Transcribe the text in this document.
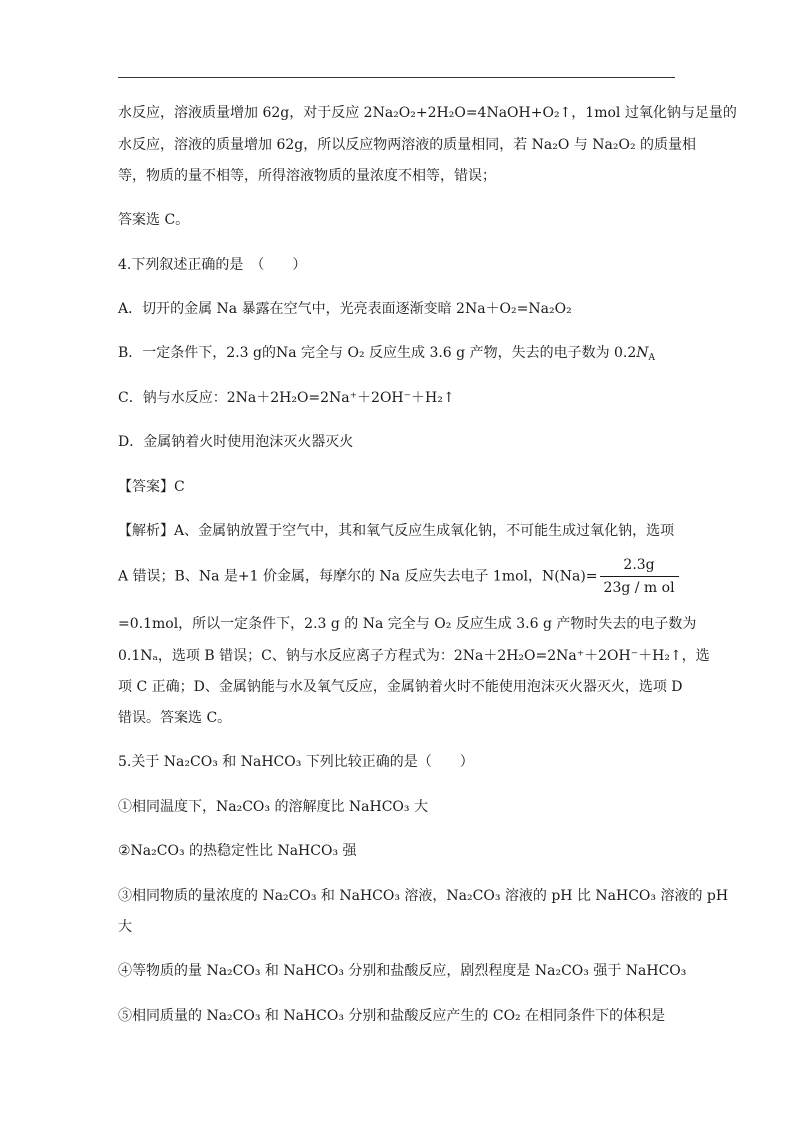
水反应，溶液质量增加 62g，对于反应 2Na₂O₂+2H₂O=4NaOH+O₂↑，1mol 过氧化钠与足量的
水反应，溶液的质量增加 62g，所以反应物两溶液的质量相同，若 Na₂O 与 Na₂O₂ 的质量相
等，物质的量不相等，所得溶液物质的量浓度不相等，错误；
答案选 C。
4.下列叙述正确的是　（　　）
A．切开的金属 Na 暴露在空气中，光亮表面逐渐变暗 2Na＋O₂=Na₂O₂
B．一定条件下，2.3 g的Na 完全与 O₂ 反应生成 3.6 g 产物，失去的电子数为 $0.2N_A$
C．钠与水反应：2Na＋2H₂O=2Na⁺＋2OH⁻＋H₂↑
D．金属钠着火时使用泡沫灭火器灭火
【答案】C
【解析】A、金属钠放置于空气中，其和氧气反应生成氧化钠，不可能生成过氧化钠，选项
A 错误；B、Na 是+1 价金属，每摩尔的 Na 反应失去电子 1mol，$N(Na)= \frac{2.3g}{\text{23g / m ol}}$
=0.1mol，所以一定条件下，2.3 g 的 Na 完全与 O₂ 反应生成 3.6 g 产物时失去的电子数为
0.1Nₐ，选项 B 错误；C、钠与水反应离子方程式为：2Na＋2H₂O=2Na⁺＋2OH⁻＋H₂↑，选
项 C 正确；D、金属钠能与水及氧气反应，金属钠着火时不能使用泡沫灭火器灭火，选项 D
错误。答案选 C。
5.关于 Na₂CO₃ 和 NaHCO₃ 下列比较正确的是（　　）
①相同温度下，Na₂CO₃ 的溶解度比 NaHCO₃ 大
②Na₂CO₃ 的热稳定性比 NaHCO₃ 强
③相同物质的量浓度的 Na₂CO₃ 和 NaHCO₃ 溶液，Na₂CO₃ 溶液的 pH 比 NaHCO₃ 溶液的 pH
大
④等物质的量 Na₂CO₃ 和 NaHCO₃ 分别和盐酸反应，剧烈程度是 Na₂CO₃ 强于 NaHCO₃
⑤相同质量的 Na₂CO₃ 和 NaHCO₃ 分别和盐酸反应产生的 CO₂ 在相同条件下的体积是
